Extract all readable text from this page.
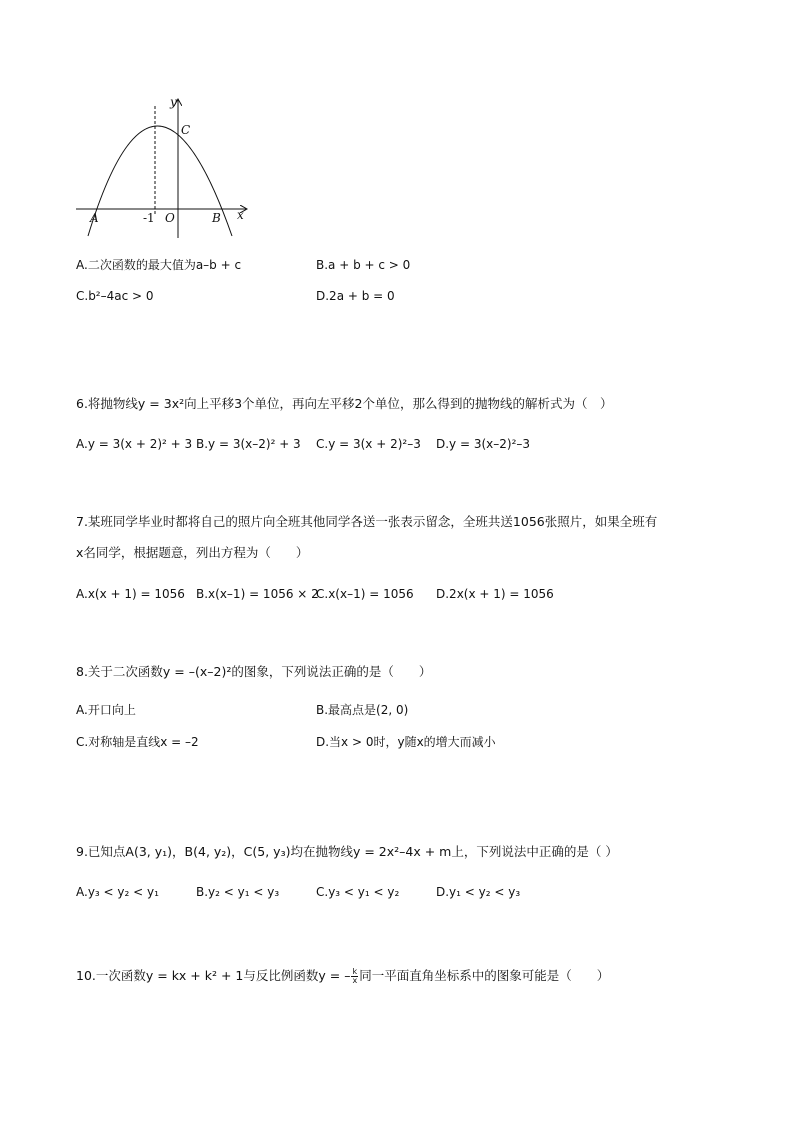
y
x
C
A	-1 O	B
A.二次函数的最大值为a–b + c	B.a + b + c > 0
C.b²–4ac > 0	D.2a + b = 0
6.将抛物线y = 3x²向上平移3个单位，再向左平移2个单位，那么得到的抛物线的解析式为（　）
A.y = 3(x + 2)² + 3 B.y = 3(x–2)² + 3 C.y = 3(x + 2)²–3 D.y = 3(x–2)²–3
7.某班同学毕业时都将自己的照片向全班其他同学各送一张表示留念，全班共送1056张照片，如果全班有
x名同学，根据题意，列出方程为（　　）
A.x(x + 1) = 1056 B.x(x–1) = 1056 × 2
C.x(x–1) = 1056 D.2x(x + 1) = 1056
8.关于二次函数y = –(x–2)²的图象，下列说法正确的是（　　）
A.开口向上	B.最高点是(2, 0)
C.对称轴是直线x = –2	D.当x > 0时，y随x的增大而减小
9.已知点A(3, y₁)，B(4, y₂)，C(5, y₃)均在抛物线y = 2x²–4x + m上，下列说法中正确的是（ ）
A.y₃ < y₂ < y₁	B.y₂ < y₁ < y₃	C.y₃ < y₁ < y₂	D.y₁ < y₂ < y₃
10.一次函数y = kx + k² + 1与反比例函数y = – $\frac{k}{x}$ 同一平面直角坐标系中的图象可能是（　　）
